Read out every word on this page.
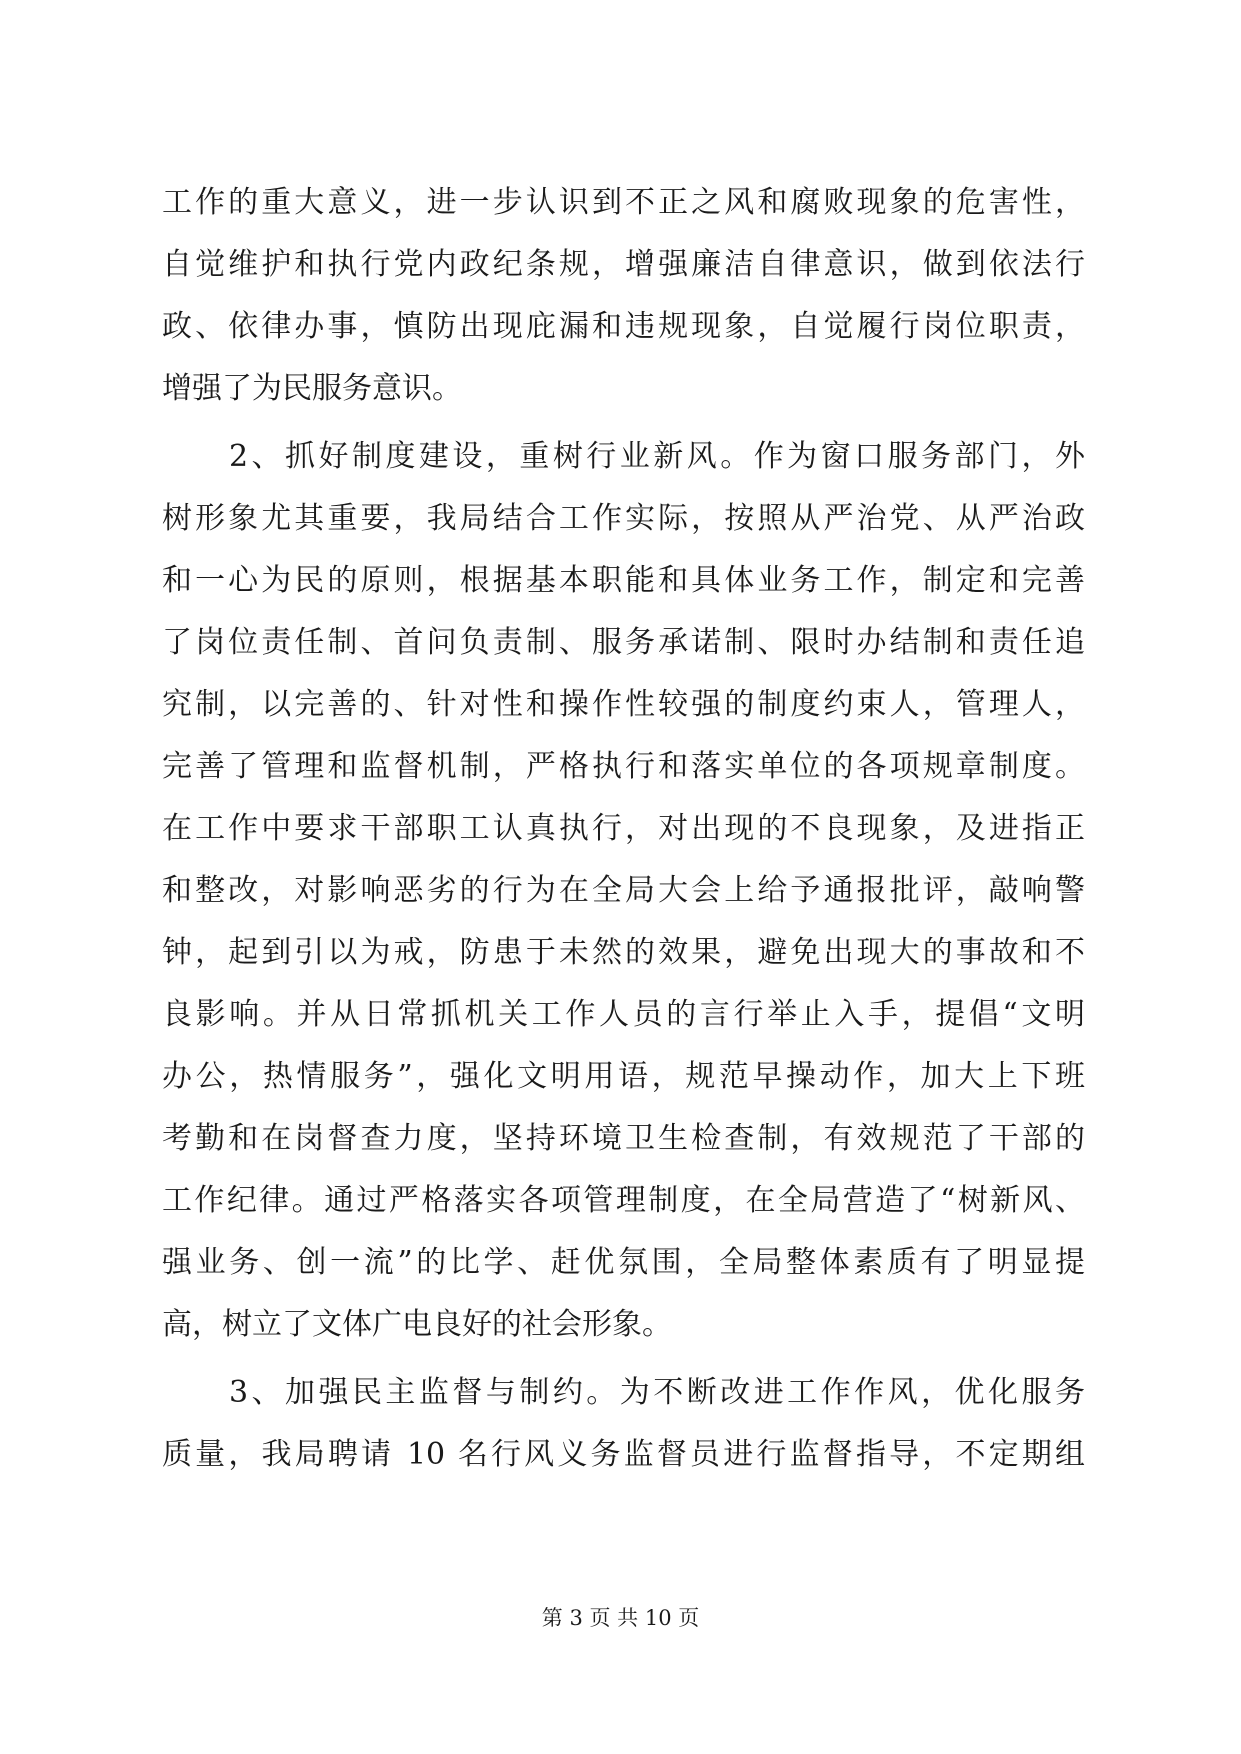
工作的重大意义，进一步认识到不正之风和腐败现象的危害性，
自觉维护和执行党内政纪条规，增强廉洁自律意识，做到依法行
政、依律办事，慎防出现庇漏和违规现象，自觉履行岗位职责，
增强了为民服务意识。
　　2、抓好制度建设，重树行业新风。作为窗口服务部门，外
树形象尤其重要，我局结合工作实际，按照从严治党、从严治政
和一心为民的原则，根据基本职能和具体业务工作，制定和完善
了岗位责任制、首问负责制、服务承诺制、限时办结制和责任追
究制，以完善的、针对性和操作性较强的制度约束人，管理人，
完善了管理和监督机制，严格执行和落实单位的各项规章制度。
在工作中要求干部职工认真执行，对出现的不良现象，及进指正
和整改，对影响恶劣的行为在全局大会上给予通报批评，敲响警
钟，起到引以为戒，防患于未然的效果，避免出现大的事故和不
良影响。并从日常抓机关工作人员的言行举止入手，提倡“文明
办公，热情服务”，强化文明用语，规范早操动作，加大上下班
考勤和在岗督查力度，坚持环境卫生检查制，有效规范了干部的
工作纪律。通过严格落实各项管理制度，在全局营造了“树新风、
强业务、创一流”的比学、赶优氛围，全局整体素质有了明显提
高，树立了文体广电良好的社会形象。
　　3、加强民主监督与制约。为不断改进工作作风，优化服务
质量，我局聘请 10 名行风义务监督员进行监督指导，不定期组
第 3 页 共 10 页
